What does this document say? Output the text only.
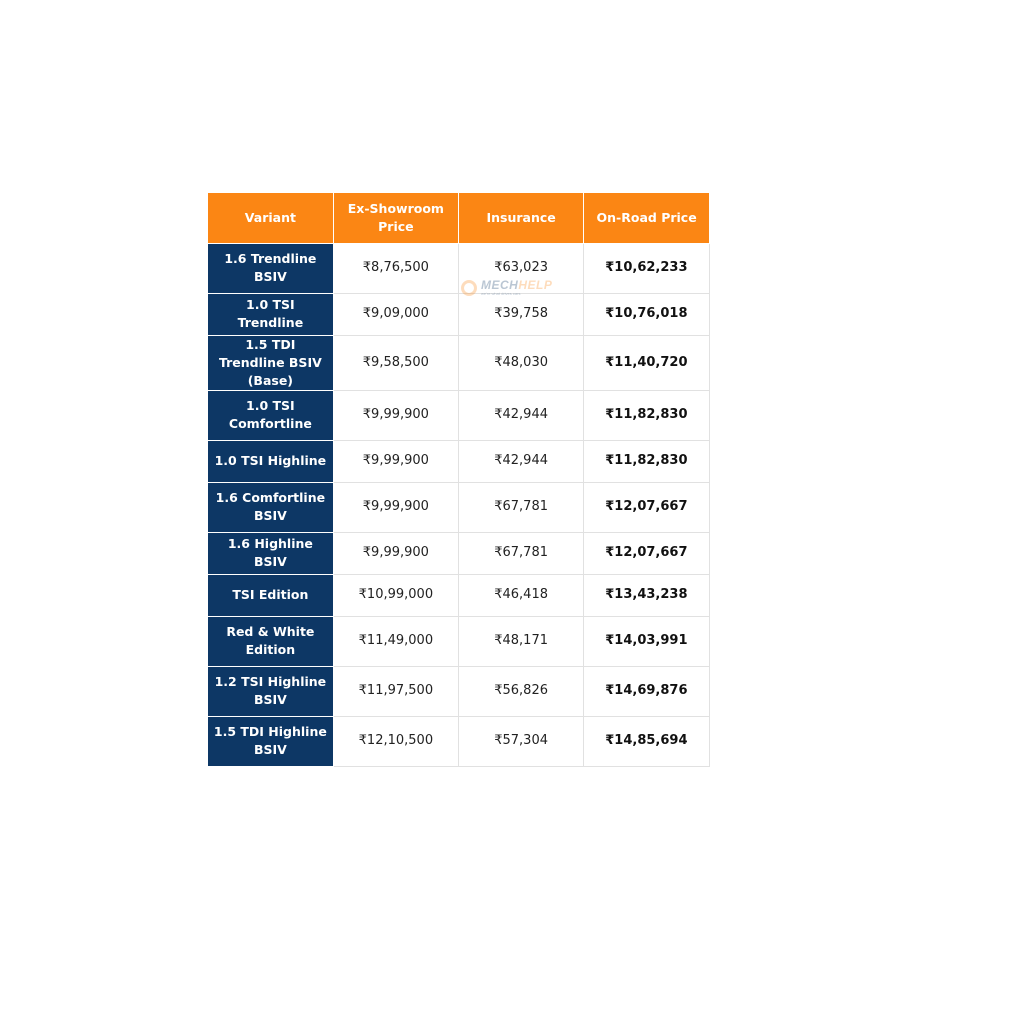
Variant	Ex-Showroom Price	Insurance	On-Road Price
1.6 Trendline BSIV	₹8,76,500	₹63,023	₹10,62,233
1.0 TSI Trendline	₹9,09,000	₹39,758	₹10,76,018
1.5 TDI Trendline BSIV (Base)	₹9,58,500	₹48,030	₹11,40,720
1.0 TSI Comfortline	₹9,99,900	₹42,944	₹11,82,830
1.0 TSI Highline	₹9,99,900	₹42,944	₹11,82,830
1.6 Comfortline BSIV	₹9,99,900	₹67,781	₹12,07,667
1.6 Highline BSIV	₹9,99,900	₹67,781	₹12,07,667
TSI Edition	₹10,99,000	₹46,418	₹13,43,238
Red & White Edition	₹11,49,000	₹48,171	₹14,03,991
1.2 TSI Highline BSIV	₹11,97,500	₹56,826	₹14,69,876
1.5 TDI Highline BSIV	₹12,10,500	₹57,304	₹14,85,694
MECHHELP
we're what drives cars
